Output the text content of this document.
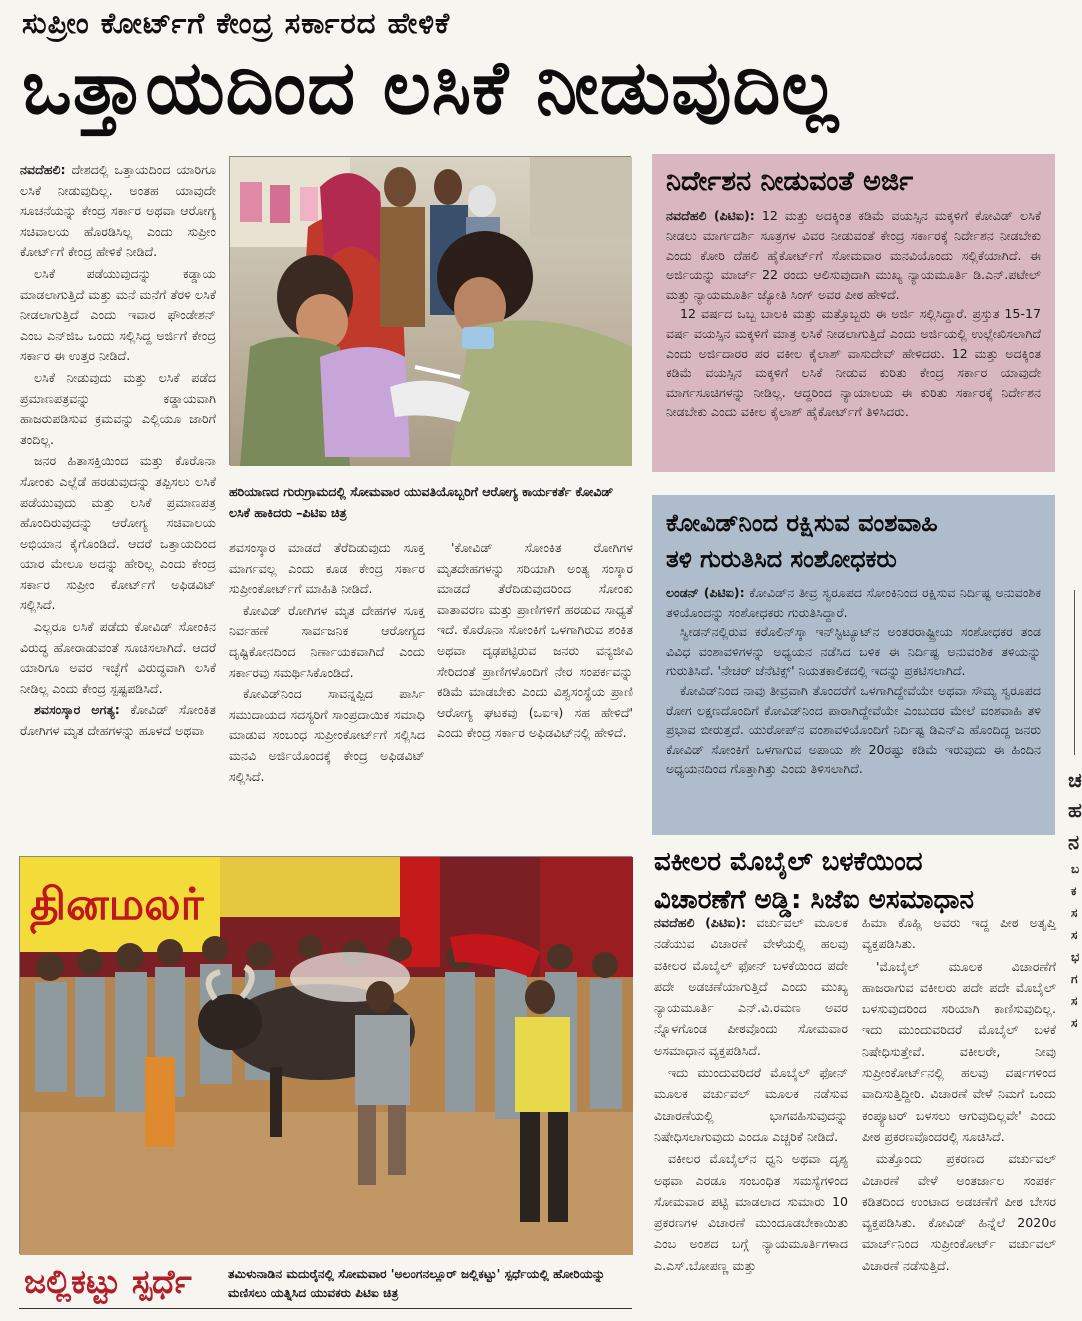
ಸುಪ್ರೀಂ ಕೋರ್ಟ್‌ಗೆ ಕೇಂದ್ರ ಸರ್ಕಾರದ ಹೇಳಿಕೆ
ಒತ್ತಾಯದಿಂದ ಲಸಿಕೆ ನೀಡುವುದಿಲ್ಲ

ನವದೆಹಲಿ: ದೇಶದಲ್ಲಿ ಒತ್ತಾಯದಿಂದ ಯಾರಿಗೂ ಲಸಿಕೆ ನೀಡುವುದಿಲ್ಲ. ಅಂತಹ ಯಾವುದೇ ಸೂಚನೆಯನ್ನು ಕೇಂದ್ರ ಸರ್ಕಾರ ಅಥವಾ ಆರೋಗ್ಯ ಸಚಿವಾಲಯ ಹೊರಡಿಸಿಲ್ಲ ಎಂದು ಸುಪ್ರೀಂ ಕೋರ್ಟ್‌ಗೆ ಕೇಂದ್ರ ಹೇಳಿಕೆ ನೀಡಿದೆ.

ಲಸಿಕೆ ಪಡೆಯುವುದನ್ನು ಕಡ್ಡಾಯ ಮಾಡಲಾಗುತ್ತಿದೆ ಮತ್ತು ಮನೆ ಮನೆಗೆ ತೆರಳಿ ಲಸಿಕೆ ನೀಡಲಾಗುತ್ತಿದೆ ಎಂದು ಇವಾರ ಫೌಂಡೇಶನ್ ಎಂಬ ಎನ್‌ಜಿಒ ಒಂದು ಸಲ್ಲಿಸಿದ್ದ ಅರ್ಜಿಗೆ ಕೇಂದ್ರ ಸರ್ಕಾರ ಈ ಉತ್ತರ ನೀಡಿದೆ.

ಲಸಿಕೆ ನೀಡುವುದು ಮತ್ತು ಲಸಿಕೆ ಪಡೆದ ಪ್ರಮಾಣಪತ್ರವನ್ನು ಕಡ್ಡಾಯವಾಗಿ ಹಾಜರುಪಡಿಸುವ ಕ್ರಮವನ್ನು ಎಲ್ಲಿಯೂ ಜಾರಿಗೆ ತಂದಿಲ್ಲ.

ಜನರ ಹಿತಾಸಕ್ತಿಯಿಂದ ಮತ್ತು ಕೊರೊನಾ ಸೋಂಕು ಎಲ್ಲೆಡೆ ಹರಡುವುದನ್ನು ತಪ್ಪಿಸಲು ಲಸಿಕೆ ಪಡೆಯುವುದು ಮತ್ತು ಲಸಿಕೆ ಪ್ರಮಾಣಪತ್ರ ಹೊಂದಿರುವುದನ್ನು ಆರೋಗ್ಯ ಸಚಿವಾಲಯ ಅಭಿಯಾನ ಕೈಗೊಂಡಿದೆ. ಆದರೆ ಒತ್ತಾಯದಿಂದ ಯಾರ ಮೇಲೂ ಅದನ್ನು ಹೇರಿಲ್ಲ ಎಂದು ಕೇಂದ್ರ ಸರ್ಕಾರ ಸುಪ್ರೀಂ ಕೋರ್ಟ್‌ಗೆ ಅಫಿಡವಿಟ್ ಸಲ್ಲಿಸಿದೆ.

ಎಲ್ಲರೂ ಲಸಿಕೆ ಪಡೆದು ಕೋವಿಡ್ ಸೋಂಕಿನ ವಿರುದ್ಧ ಹೋರಾಡುವಂತೆ ಸೂಚಿಸಲಾಗಿದೆ. ಆದರೆ ಯಾರಿಗೂ ಅವರ ಇಚ್ಛೆಗೆ ವಿರುದ್ಧವಾಗಿ ಲಸಿಕೆ ನೀಡಿಲ್ಲ ಎಂದು ಕೇಂದ್ರ ಸ್ಪಷ್ಟಪಡಿಸಿದೆ.

ಶವಸಂಸ್ಕಾರ ಅಗತ್ಯ: ಕೋವಿಡ್ ಸೋಂಕಿತ ರೋಗಿಗಳ ಮೃತ ದೇಹಗಳನ್ನು ಹೂಳದೆ ಅಥವಾ

ಹರಿಯಾಣದ ಗುರುಗ್ರಾಮದಲ್ಲಿ ಸೋಮವಾರ ಯುವತಿಯೊಬ್ಬರಿಗೆ ಆರೋಗ್ಯ ಕಾರ್ಯಕರ್ತೆ ಕೋವಿಡ್ ಲಸಿಕೆ ಹಾಕಿದರು –ಪಿಟಿಐ ಚಿತ್ರ

ಶವಸಂಸ್ಕಾರ ಮಾಡದೆ ತೆರೆದಿಡುವುದು ಸೂಕ್ತ ಮಾರ್ಗವಲ್ಲ ಎಂದು ಕೂಡ ಕೇಂದ್ರ ಸರ್ಕಾರ ಸುಪ್ರೀಂಕೋರ್ಟ್‌ಗೆ ಮಾಹಿತಿ ನೀಡಿದೆ.

ಕೋವಿಡ್ ರೋಗಿಗಳ ಮೃತ ದೇಹಗಳ ಸೂಕ್ತ ನಿರ್ವಹಣೆ ಸಾರ್ವಜನಿಕ ಆರೋಗ್ಯದ ದೃಷ್ಟಿಕೋನದಿಂದ ನಿರ್ಣಾಯಕವಾಗಿದೆ ಎಂದು ಸರ್ಕಾರವು ಸಮರ್ಥಿಸಿಕೊಂಡಿದೆ.

ಕೋವಿಡ್‌ನಿಂದ ಸಾವನ್ನಪ್ಪಿದ ಪಾರ್ಸಿ ಸಮುದಾಯದ ಸದಸ್ಯರಿಗೆ ಸಾಂಪ್ರದಾಯಿಕ ಸಮಾಧಿ ಮಾಡುವ ಸಂಬಂಧ ಸುಪ್ರೀಂಕೋರ್ಟ್‌ಗೆ ಸಲ್ಲಿಸಿದ ಮನವಿ ಅರ್ಜಿಯೊಂದಕ್ಕೆ ಕೇಂದ್ರ ಅಫಿಡವಿಟ್ ಸಲ್ಲಿಸಿದೆ.

'ಕೋವಿಡ್ ಸೋಂಕಿತ ರೋಗಿಗಳ ಮೃತದೇಹಗಳನ್ನು ಸರಿಯಾಗಿ ಅಂತ್ಯ ಸಂಸ್ಕಾರ ಮಾಡದೆ ತೆರೆದಿಡುವುದರಿಂದ ಸೋಂಕು ವಾತಾವರಣ ಮತ್ತು ಪ್ರಾಣಿಗಳಿಗೆ ಹರಡುವ ಸಾಧ್ಯತೆ ಇದೆ. ಕೊರೊನಾ ಸೋಂಕಿಗೆ ಒಳಗಾಗಿರುವ ಶಂಕಿತ ಅಥವಾ ದೃಢಪಟ್ಟಿರುವ ಜನರು ವನ್ಯಜೀವಿ ಸೇರಿದಂತೆ ಪ್ರಾಣಿಗಳೊಂದಿಗೆ ನೇರ ಸಂಪರ್ಕವನ್ನು ಕಡಿಮೆ ಮಾಡಬೇಕು ಎಂದು ವಿಶ್ವಸಂಸ್ಥೆಯ ಪ್ರಾಣಿ ಆರೋಗ್ಯ ಘಟಕವು (ಒಐಇ) ಸಹ ಹೇಳಿದೆ' ಎಂದು ಕೇಂದ್ರ ಸರ್ಕಾರ ಅಫಿಡವಿಟ್‌ನಲ್ಲಿ ಹೇಳಿದೆ.

ನಿರ್ದೇಶನ ನೀಡುವಂತೆ ಅರ್ಜಿ

ನವದೆಹಲಿ (ಪಿಟಿಐ): 12 ಮತ್ತು ಅದಕ್ಕಿಂತ ಕಡಿಮೆ ವಯಸ್ಸಿನ ಮಕ್ಕಳಿಗೆ ಕೋವಿಡ್ ಲಸಿಕೆ ನೀಡಲು ಮಾರ್ಗದರ್ಶಿ ಸೂತ್ರಗಳ ವಿವರ ನೀಡುವಂತೆ ಕೇಂದ್ರ ಸರ್ಕಾರಕ್ಕೆ ನಿರ್ದೇಶನ ನೀಡಬೇಕು ಎಂದು ಕೋರಿ ದೆಹಲಿ ಹೈಕೋರ್ಟ್‌ಗೆ ಸೋಮವಾರ ಮನವಿಯೊಂದು ಸಲ್ಲಿಕೆಯಾಗಿದೆ. ಈ ಅರ್ಜಿಯನ್ನು ಮಾರ್ಚ್ 22 ರಂದು ಆಲಿಸುವುದಾಗಿ ಮುಖ್ಯ ನ್ಯಾಯಮೂರ್ತಿ ಡಿ.ಎನ್.ಪಟೇಲ್ ಮತ್ತು ನ್ಯಾಯಮೂರ್ತಿ ಜ್ಯೋತಿ ಸಿಂಗ್ ಅವರ ಪೀಠ ಹೇಳಿದೆ.

12 ವರ್ಷದ ಒಬ್ಬ ಬಾಲಕಿ ಮತ್ತು ಮತ್ತೊಬ್ಬರು ಈ ಅರ್ಜಿ ಸಲ್ಲಿಸಿದ್ದಾರೆ. ಪ್ರಸ್ತುತ 15-17 ವರ್ಷ ವಯಸ್ಸಿನ ಮಕ್ಕಳಿಗೆ ಮಾತ್ರ ಲಸಿಕೆ ನೀಡಲಾಗುತ್ತಿದೆ ಎಂದು ಅರ್ಜಿಯಲ್ಲಿ ಉಲ್ಲೇಖಿಸಲಾಗಿದೆ ಎಂದು ಅರ್ಜಿದಾರರ ಪರ ವಕೀಲ ಕೈಲಾಶ್ ವಾಸುದೇವ್ ಹೇಳಿದರು. 12 ಮತ್ತು ಅದಕ್ಕಿಂತ ಕಡಿಮೆ ವಯಸ್ಸಿನ ಮಕ್ಕಳಿಗೆ ಲಸಿಕೆ ನೀಡುವ ಕುರಿತು ಕೇಂದ್ರ ಸರ್ಕಾರ ಯಾವುದೇ ಮಾರ್ಗಸೂಚಿಗಳನ್ನು ನೀಡಿಲ್ಲ. ಆದ್ದರಿಂದ ನ್ಯಾಯಾಲಯ ಈ ಕುರಿತು ಸರ್ಕಾರಕ್ಕೆ ನಿರ್ದೇಶನ ನೀಡಬೇಕು ಎಂದು ವಕೀಲ ಕೈಲಾಶ್ ಹೈಕೋರ್ಟ್‌ಗೆ ತಿಳಿಸಿದರು.

ಕೋವಿಡ್‌ನಿಂದ ರಕ್ಷಿಸುವ ವಂಶವಾಹಿ
ತಳಿ ಗುರುತಿಸಿದ ಸಂಶೋಧಕರು

ಲಂಡನ್ (ಪಿಟಿಐ): ಕೋವಿಡ್‌ನ ತೀವ್ರ ಸ್ವರೂಪದ ಸೋಂಕಿನಿಂದ ರಕ್ಷಿಸುವ ನಿರ್ದಿಷ್ಟ ಅನುವಂಶಿಕ ತಳಿಯೊಂದನ್ನು ಸಂಶೋಧಕರು ಗುರುತಿಸಿದ್ದಾರೆ.

ಸ್ವೀಡನ್‌ನಲ್ಲಿರುವ ಕರೊಲಿನ್‌ಸ್ಕಾ ಇನ್‌ಸ್ಟಿಟ್ಯೂಟ್‌ನ ಅಂತರರಾಷ್ಟ್ರೀಯ ಸಂಶೋಧಕರ ತಂಡ ವಿವಿಧ ವಂಶಾವಳಿಗಳನ್ನು ಅಧ್ಯಯನ ನಡೆಸಿದ ಬಳಿಕ ಈ ನಿರ್ದಿಷ್ಟ ಅನುವಂಶಿಕ ತಳಿಯನ್ನು ಗುರುತಿಸಿದೆ. 'ನೇಚರ್ ಜೆನೆಟಿಕ್ಸ್' ನಿಯತಕಾಲಿಕದಲ್ಲಿ ಇದನ್ನು ಪ್ರಕಟಿಸಲಾಗಿದೆ.

ಕೋವಿಡ್‌ನಿಂದ ನಾವು ತೀವ್ರವಾಗಿ ತೊಂದರೆಗೆ ಒಳಗಾಗಿದ್ದೇವೆಯೇ ಅಥವಾ ಸೌಮ್ಯ ಸ್ವರೂಪದ ರೋಗ ಲಕ್ಷಣದೊಂದಿಗೆ ಕೋವಿಡ್‌ನಿಂದ ಪಾರಾಗಿದ್ದೇವೆಯೇ ಎಂಬುದರ ಮೇಲೆ ವಂಶವಾಹಿ ತಳಿ ಪ್ರಭಾವ ಬೀರುತ್ತದೆ. ಯುರೋಪ್‌ನ ವಂಶಾವಳಿಯೊಂದಿಗೆ ನಿರ್ದಿಷ್ಟ ಡಿಎನ್‌ಎ ಹೊಂದಿದ್ದ ಜನರು ಕೋವಿಡ್ ಸೋಂಕಿಗೆ ಒಳಗಾಗುವ ಅಪಾಯ ಶೇ 20ರಷ್ಟು ಕಡಿಮೆ ಇರುವುದು ಈ ಹಿಂದಿನ ಅಧ್ಯಯನದಿಂದ ಗೊತ್ತಾಗಿತ್ತು ಎಂದು ತಿಳಿಸಲಾಗಿದೆ.

தினமலர்
ಜಲ್ಲಿಕಟ್ಟು ಸ್ಪರ್ಧೆ	ತಮಿಳುನಾಡಿನ ಮದುರೈನಲ್ಲಿ ಸೋಮವಾರ 'ಅಲಂಗನಲ್ಲೂರ್ ಜಲ್ಲಿಕಟ್ಟು' ಸ್ಪರ್ಧೆಯಲ್ಲಿ ಹೋರಿಯನ್ನು ಮಣಿಸಲು ಯತ್ನಿಸಿದ ಯುವಕರು ಪಿಟಿಐ ಚಿತ್ರ
ವಕೀಲರ ಮೊಬೈಲ್ ಬಳಕೆಯಿಂದ
ವಿಚಾರಣೆಗೆ ಅಡ್ಡಿ: ಸಿಜೆಐ ಅಸಮಾಧಾನ

ನವದೆಹಲಿ (ಪಿಟಿಐ): ವರ್ಚುವಲ್ ಮೂಲಕ ನಡೆಯುವ ವಿಚಾರಣೆ ವೇಳೆಯಲ್ಲಿ ಹಲವು ವಕೀಲರ ಮೊಬೈಲ್ ಫೋನ್ ಬಳಕೆಯಿಂದ ಪದೇ ಪದೇ ಅಡಚಣೆಯಾಗುತ್ತಿದೆ ಎಂದು ಮುಖ್ಯ ನ್ಯಾಯಮೂರ್ತಿ ಎನ್.ವಿ.ರಮಣ ಅವರ ನ್ನೊಳಗೊಂಡ ಪೀಠವೊಂದು ಸೋಮವಾರ ಅಸಮಾಧಾನ ವ್ಯಕ್ತಪಡಿಸಿದೆ.

ಇದು ಮುಂದುವರಿದರೆ ಮೊಬೈಲ್ ಫೋನ್ ಮೂಲಕ ವರ್ಚುವಲ್ ಮೂಲಕ ನಡೆಸುವ ವಿಚಾರಣೆಯಲ್ಲಿ ಭಾಗವಹಿಸುವುದನ್ನು ನಿಷೇಧಿಸಲಾಗುವುದು ಎಂದೂ ಎಚ್ಚರಿಕೆ ನೀಡಿದೆ.

ವಕೀಲರ ಮೊಬೈಲ್‌ನ ಧ್ವನಿ ಅಥವಾ ದೃಶ್ಯ ಅಥವಾ ಎರಡೂ ಸಂಬಂಧಿತ ಸಮಸ್ಯೆಗಳಿಂದ ಸೋಮವಾರ ಪಟ್ಟಿ ಮಾಡಲಾದ ಸುಮಾರು 10 ಪ್ರಕರಣಗಳ ವಿಚಾರಣೆ ಮುಂದೂಡಬೇಕಾಯಿತು ಎಂಬ ಅಂಶದ ಬಗ್ಗೆ ನ್ಯಾಯಮೂರ್ತಿಗಳಾದ ಎ.ಎಸ್.ಬೋಪಣ್ಣ ಮತ್ತು

ಹಿಮಾ ಕೊಹ್ಲಿ ಅವರು ಇದ್ದ ಪೀಠ ಅತೃಪ್ತಿ ವ್ಯಕ್ತಪಡಿಸಿತು.

'ಮೊಬೈಲ್ ಮೂಲಕ ವಿಚಾರಣೆಗೆ ಹಾಜರಾಗುವ ವಕೀಲರು ಪದೇ ಪದೇ ಮೊಬೈಲ್ ಬಳಸುವುದರಿಂದ ಸರಿಯಾಗಿ ಕಾಣಿಸುವುದಿಲ್ಲ. ಇದು ಮುಂದುವರಿದರೆ ಮೊಬೈಲ್ ಬಳಕೆ ನಿಷೇಧಿಸುತ್ತೇವೆ. ವಕೀಲರೇ, ನೀವು ಸುಪ್ರೀಂಕೋರ್ಟ್‌ನಲ್ಲಿ ಹಲವು ವರ್ಷಗಳಿಂದ ವಾದಿಸುತ್ತಿದ್ದೀರಿ. ವಿಚಾರಣೆ ವೇಳೆ ನಿಮಗೆ ಒಂದು ಕಂಪ್ಯೂಟರ್ ಬಳಸಲು ಆಗುವುದಿಲ್ಲವೇ' ಎಂದು ಪೀಠ ಪ್ರಕರಣವೊಂದರಲ್ಲಿ ಸೂಚಿಸಿದೆ.

ಮತ್ತೊಂದು ಪ್ರಕರಣದ ವರ್ಚುವಲ್ ವಿಚಾರಣೆ ವೇಳೆ ಅಂತರ್ಜಾಲ ಸಂಪರ್ಕ ಕಡಿತದಿಂದ ಉಂಟಾದ ಅಡಚಣೆಗೆ ಪೀಠ ಬೇಸರ ವ್ಯಕ್ತಪಡಿಸಿತು. ಕೋವಿಡ್ ಹಿನ್ನೆಲೆ 2020ರ ಮಾರ್ಚ್‌ನಿಂದ ಸುಪ್ರೀಂಕೋರ್ಟ್ ವರ್ಚುವಲ್ ವಿಚಾರಣೆ ನಡೆಸುತ್ತಿದೆ.

ಚ
ಹ
ನ
ಬ
ಕ
ಸ
ಸ
ಭ
ಗ
ಸ
ಸ
